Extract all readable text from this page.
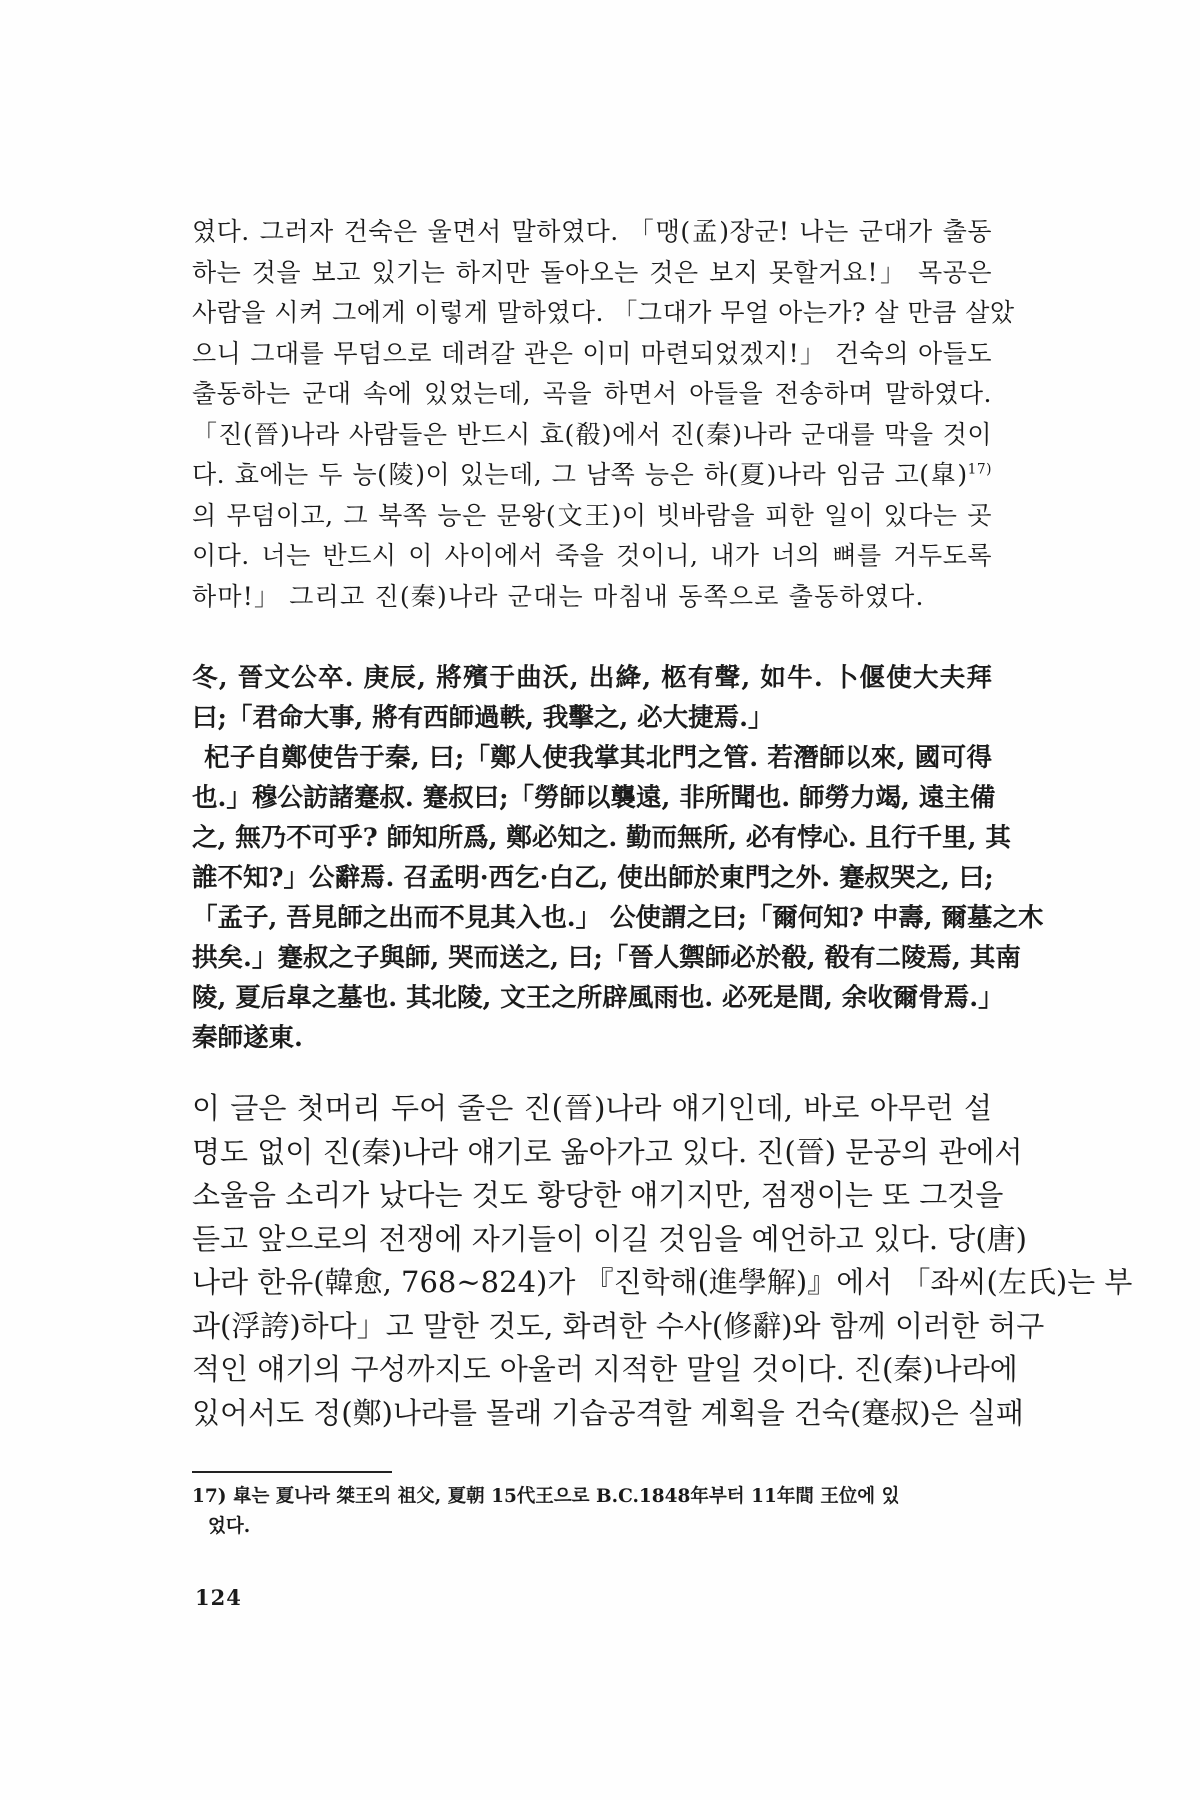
였다. 그러자 건숙은 울면서 말하였다. 「맹(孟)장군! 나는 군대가 출동
하는 것을 보고 있기는 하지만 돌아오는 것은 보지 못할거요!」 목공은
사람을 시켜 그에게 이렇게 말하였다. 「그대가 무얼 아는가? 살 만큼 살았
으니 그대를 무덤으로 데려갈 관은 이미 마련되었겠지!」 건숙의 아들도
출동하는 군대 속에 있었는데, 곡을 하면서 아들을 전송하며 말하였다.
「진(晉)나라 사람들은 반드시 효(殽)에서 진(秦)나라 군대를 막을 것이
다. 효에는 두 능(陵)이 있는데, 그 남쪽 능은 하(夏)나라 임금 고(皐)$^{17)}$
의 무덤이고, 그 북쪽 능은 문왕(文王)이 빗바람을 피한 일이 있다는 곳
이다. 너는 반드시 이 사이에서 죽을 것이니, 내가 너의 뼈를 거두도록
하마!」 그리고 진(秦)나라 군대는 마침내 동쪽으로 출동하였다.
冬, 晉文公卒. 庚辰, 將殯于曲沃, 出絳, 柩有聲, 如牛. 卜偃使大夫拜
曰;「君命大事, 將有西師過軼, 我擊之, 必大捷焉.」
杞子自鄭使告于秦, 曰;「鄭人使我掌其北門之管. 若潛師以來, 國可得
也.」穆公訪諸蹇叔. 蹇叔曰;「勞師以襲遠, 非所聞也. 師勞力竭, 遠主備
之, 無乃不可乎? 師知所爲, 鄭必知之. 勤而無所, 必有悖心. 且行千里, 其
誰不知?」公辭焉. 召孟明·西乞·白乙, 使出師於東門之外. 蹇叔哭之, 曰;
「孟子, 吾見師之出而不見其入也.」 公使謂之曰;「爾何知? 中壽, 爾墓之木
拱矣.」蹇叔之子與師, 哭而送之, 曰;「晉人禦師必於殽, 殽有二陵焉, 其南
陵, 夏后皐之墓也. 其北陵, 文王之所辟風雨也. 必死是間, 余收爾骨焉.」
秦師遂東.
이 글은 첫머리 두어 줄은 진(晉)나라 얘기인데, 바로 아무런 설
명도 없이 진(秦)나라 얘기로 옮아가고 있다. 진(晉) 문공의 관에서
소울음 소리가 났다는 것도 황당한 얘기지만, 점쟁이는 또 그것을
듣고 앞으로의 전쟁에 자기들이 이길 것임을 예언하고 있다. 당(唐)
나라 한유(韓愈, 768~824)가 『진학해(進學解)』에서 「좌씨(左氏)는 부
과(浮誇)하다」고 말한 것도, 화려한 수사(修辭)와 함께 이러한 허구
적인 얘기의 구성까지도 아울러 지적한 말일 것이다. 진(秦)나라에
있어서도 정(鄭)나라를 몰래 기습공격할 계획을 건숙(蹇叔)은 실패
17) 皐는 夏나라 桀王의 祖父, 夏朝 15代王으로 B.C.1848年부터 11年間 王位에 있
었다.
124
